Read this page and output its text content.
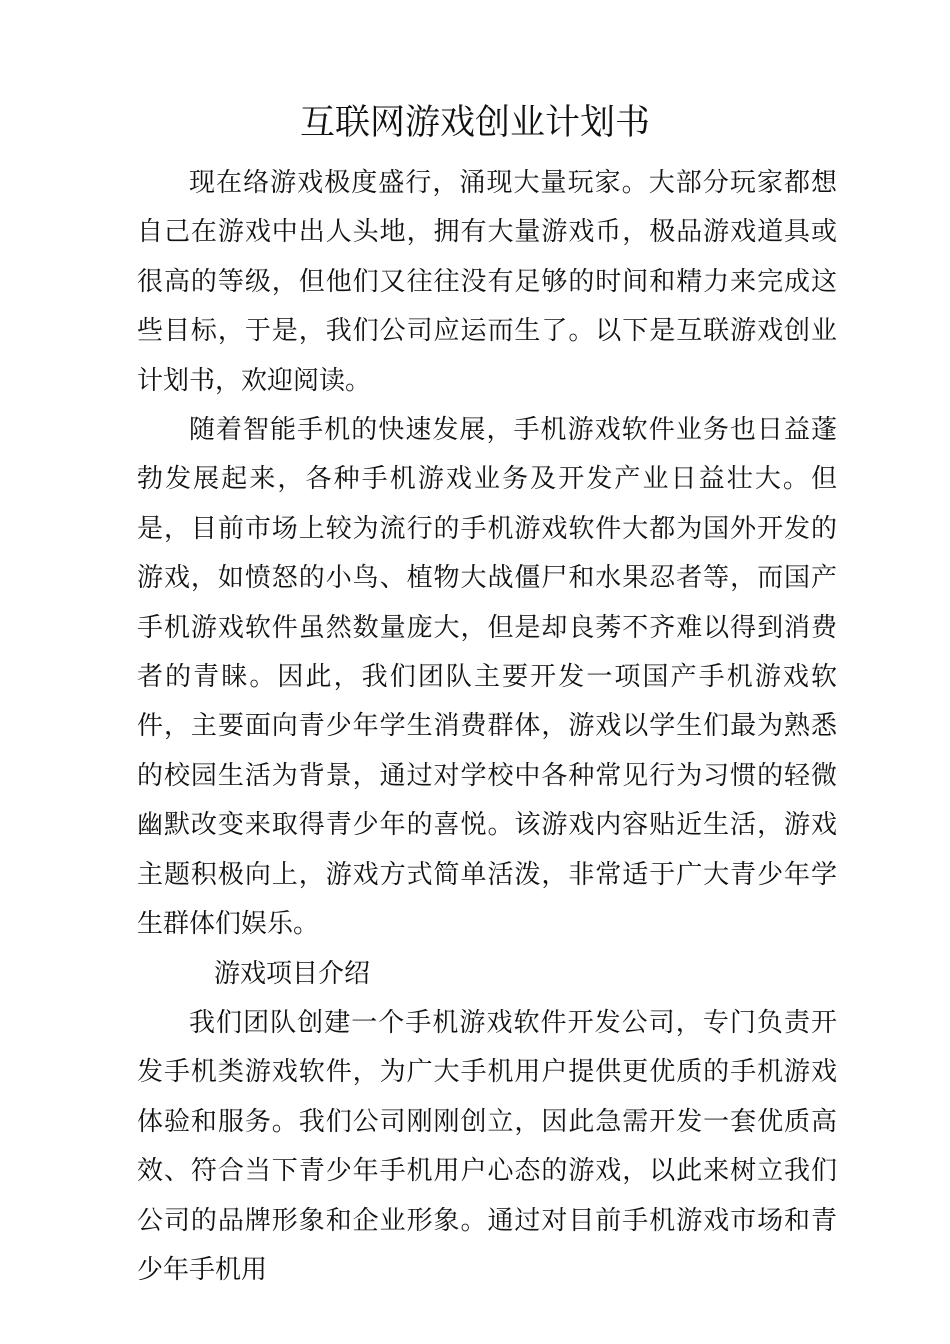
互联网游戏创业计划书

现在络游戏极度盛行，涌现大量玩家。大部分玩家都想自己在游戏中出人头地，拥有大量游戏币，极品游戏道具或很高的等级，但他们又往往没有足够的时间和精力来完成这些目标，于是，我们公司应运而生了。以下是互联游戏创业计划书，欢迎阅读。

随着智能手机的快速发展，手机游戏软件业务也日益蓬勃发展起来，各种手机游戏业务及开发产业日益壮大。但是，目前市场上较为流行的手机游戏软件大都为国外开发的游戏，如愤怒的小鸟、植物大战僵尸和水果忍者等，而国产手机游戏软件虽然数量庞大，但是却良莠不齐难以得到消费者的青睐。因此，我们团队主要开发一项国产手机游戏软件，主要面向青少年学生消费群体，游戏以学生们最为熟悉的校园生活为背景，通过对学校中各种常见行为习惯的轻微幽默改变来取得青少年的喜悦。该游戏内容贴近生活，游戏主题积极向上，游戏方式简单活泼，非常适于广大青少年学生群体们娱乐。

游戏项目介绍

我们团队创建一个手机游戏软件开发公司，专门负责开发手机类游戏软件，为广大手机用户提供更优质的手机游戏体验和服务。我们公司刚刚创立，因此急需开发一套优质高效、符合当下青少年手机用户心态的游戏，以此来树立我们公司的品牌形象和企业形象。通过对目前手机游戏市场和青少年手机用
